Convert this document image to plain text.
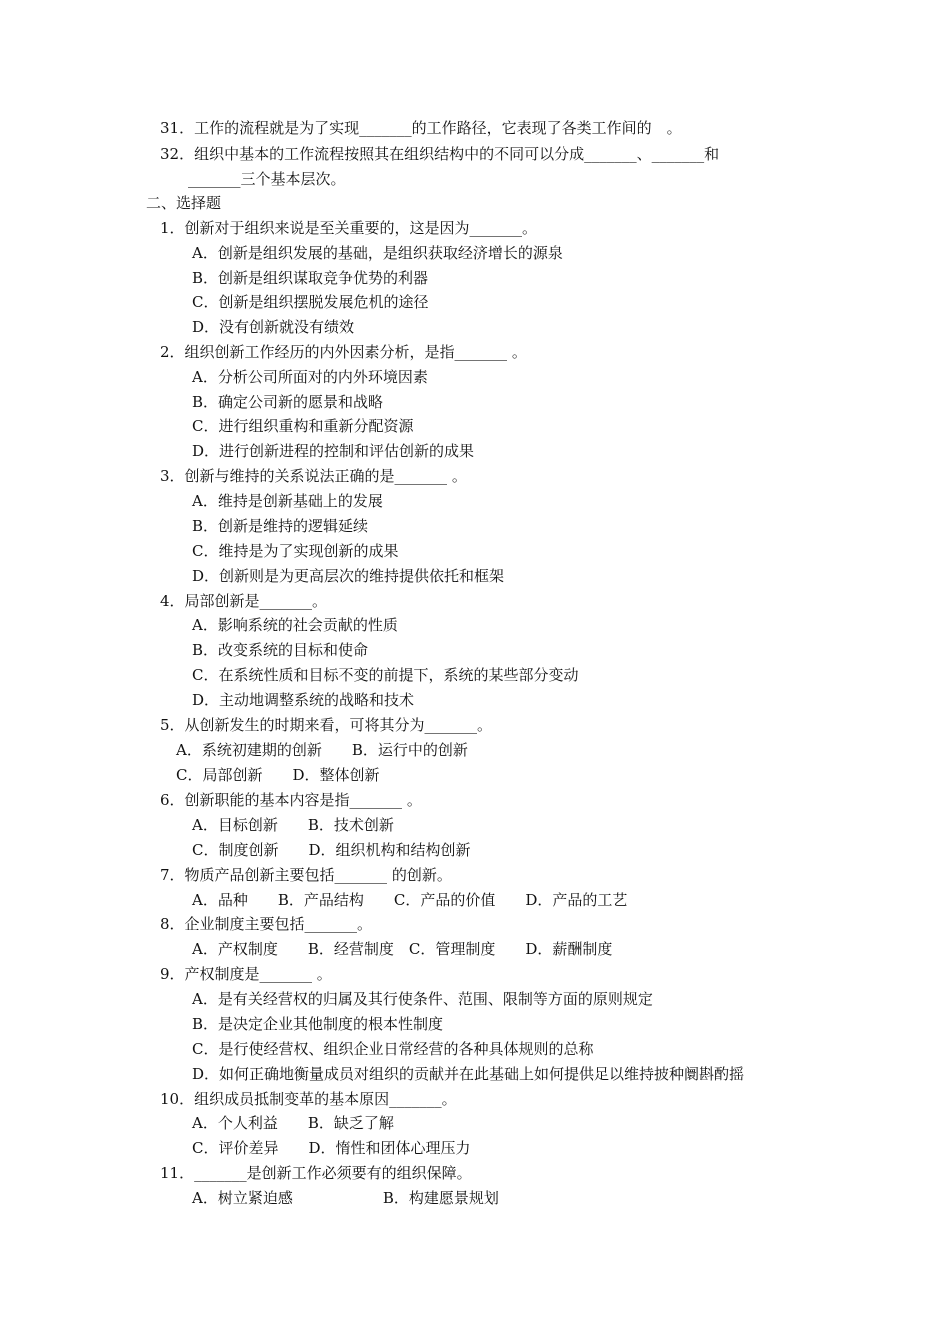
31．工作的流程就是为了实现_______的工作路径，它表现了各类工作间的　。
32．组织中基本的工作流程按照其在组织结构中的不同可以分成_______、_______和
_______三个基本层次。
二、选择题
1．创新对于组织来说是至关重要的，这是因为_______。
A．创新是组织发展的基础，是组织获取经济增长的源泉
B．创新是组织谋取竞争优势的利器
C．创新是组织摆脱发展危机的途径
D．没有创新就没有绩效
2．组织创新工作经历的内外因素分析，是指_______ 。
A．分析公司所面对的内外环境因素
B．确定公司新的愿景和战略
C．进行组织重构和重新分配资源
D．进行创新进程的控制和评估创新的成果
3．创新与维持的关系说法正确的是_______ 。
A．维持是创新基础上的发展
B．创新是维持的逻辑延续
C．维持是为了实现创新的成果
D．创新则是为更高层次的维持提供依托和框架
4．局部创新是_______。
A．影响系统的社会贡献的性质
B．改变系统的目标和使命
C．在系统性质和目标不变的前提下，系统的某些部分变动
D．主动地调整系统的战略和技术
5．从创新发生的时期来看，可将其分为_______。
A．系统初建期的创新　　B．运行中的创新
C．局部创新　　D．整体创新
6．创新职能的基本内容是指_______ 。
A．目标创新　　B．技术创新
C．制度创新　　D．组织机构和结构创新
7．物质产品创新主要包括_______ 的创新。
A．品种　　B．产品结构　　C．产品的价值　　D．产品的工艺
8．企业制度主要包括_______。
A．产权制度　　B．经营制度　C．管理制度　　D．薪酬制度
9．产权制度是_______ 。
A．是有关经营权的归属及其行使条件、范围、限制等方面的原则规定
B．是决定企业其他制度的根本性制度
C．是行使经营权、组织企业日常经营的各种具体规则的总称
D．如何正确地衡量成员对组织的贡献并在此基础上如何提供足以维持披种阛斟酌摇
10．组织成员抵制变革的基本原因_______。
A．个人利益　　B．缺乏了解
C．评价差异　　D．惰性和团体心理压力
11．_______是创新工作必须要有的组织保障。
A．树立紧迫感　　　　　　B．构建愿景规划
